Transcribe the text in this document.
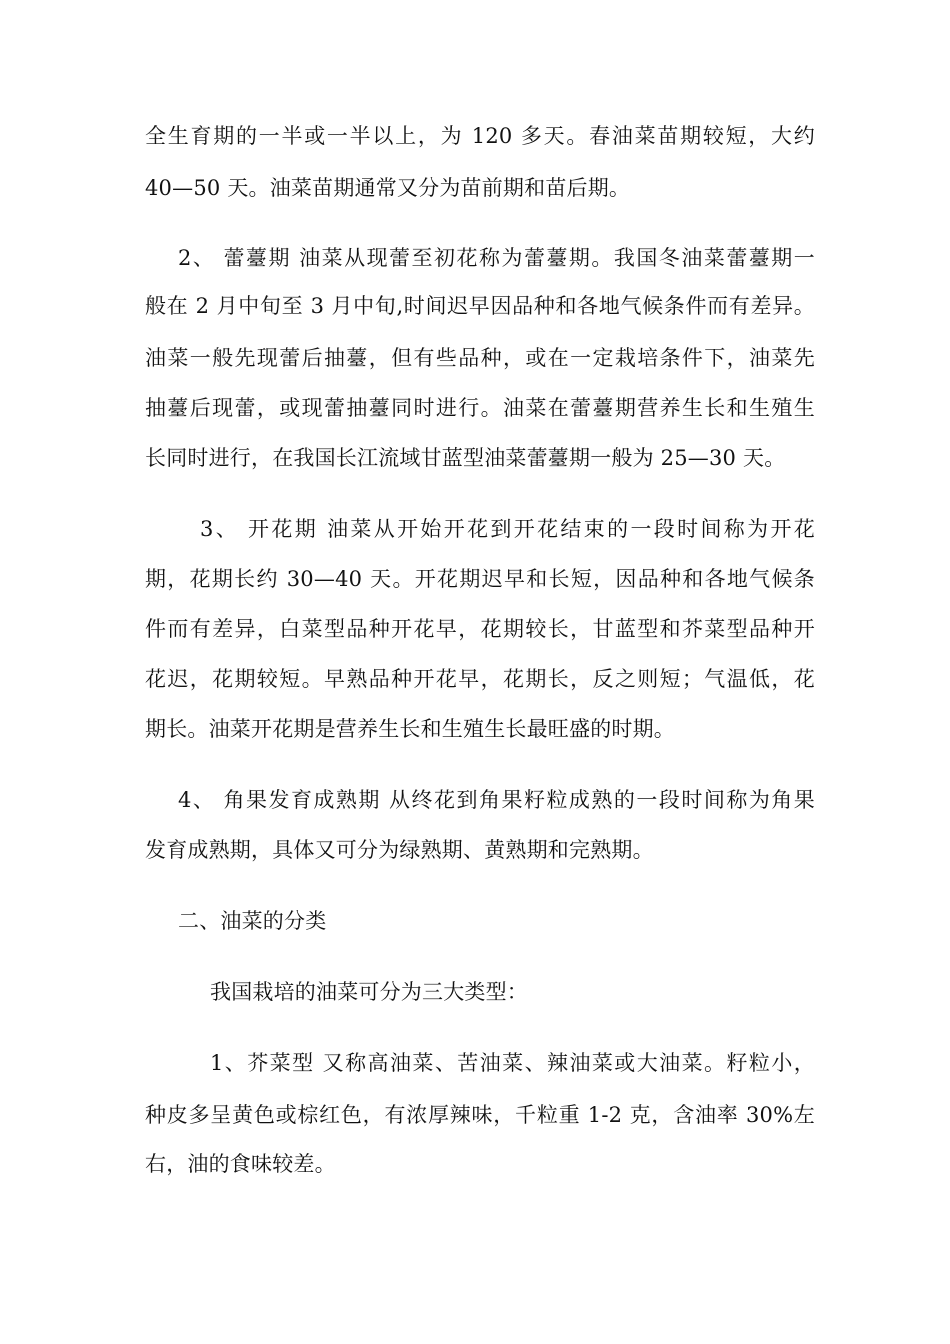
全生育期的一半或一半以上，为 120 多天。春油菜苗期较短，大约
40—50 天。油菜苗期通常又分为苗前期和苗后期。
2、 蕾薹期 油菜从现蕾至初花称为蕾薹期。我国冬油菜蕾薹期一
般在 2 月中旬至 3 月中旬,时间迟早因品种和各地气候条件而有差异。
油菜一般先现蕾后抽薹，但有些品种，或在一定栽培条件下，油菜先
抽薹后现蕾，或现蕾抽薹同时进行。油菜在蕾薹期营养生长和生殖生
长同时进行，在我国长江流域甘蓝型油菜蕾薹期一般为 25—30 天。
3、 开花期 油菜从开始开花到开花结束的一段时间称为开花
期，花期长约 30—40 天。开花期迟早和长短，因品种和各地气候条
件而有差异，白菜型品种开花早，花期较长，甘蓝型和芥菜型品种开
花迟，花期较短。早熟品种开花早，花期长，反之则短；气温低，花
期长。油菜开花期是营养生长和生殖生长最旺盛的时期。
4、 角果发育成熟期 从终花到角果籽粒成熟的一段时间称为角果
发育成熟期，具体又可分为绿熟期、黄熟期和完熟期。
二、油菜的分类
我国栽培的油菜可分为三大类型：
1、芥菜型 又称高油菜、苦油菜、辣油菜或大油菜。籽粒小，
种皮多呈黄色或棕红色，有浓厚辣味，千粒重 1-2 克，含油率 30%左
右，油的食味较差。
